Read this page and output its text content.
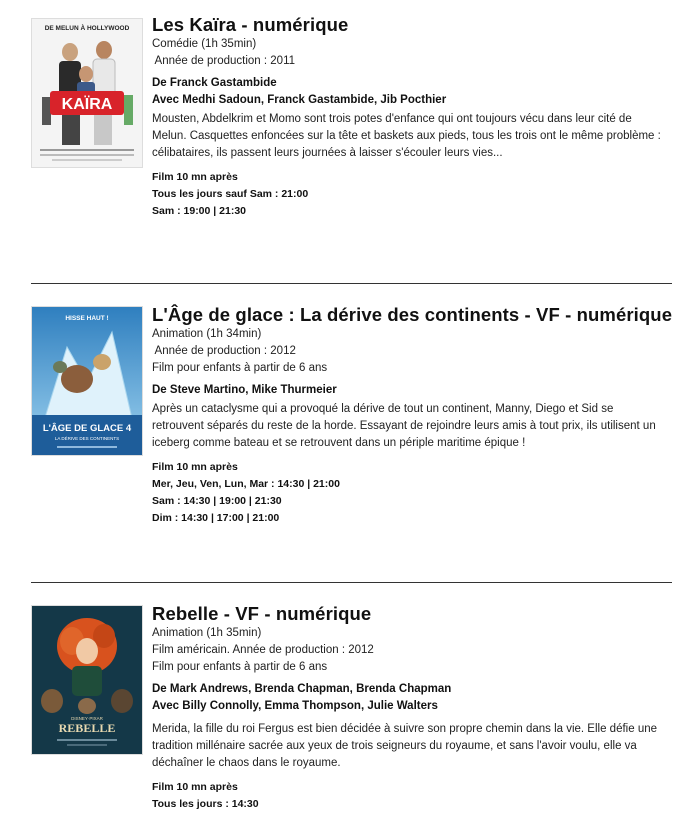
DE MELUN À HOLLYWOOD
KAÏRA
Les Kaïra - numérique
Comédie (1h 35min)
Année de production : 2011
De Franck Gastambide
Avec Medhi Sadoun, Franck Gastambide, Jib Pocthier
Mousten, Abdelkrim et Momo sont trois potes d'enfance qui ont toujours vécu dans leur cité de Melun. Casquettes enfoncées sur la tête et baskets aux pieds, tous les trois ont le même problème : célibataires, ils passent leurs journées à laisser s'écouler leurs vies...
Film 10 mn après
Tous les jours sauf Sam : 21:00
Sam : 19:00 | 21:30
HISSE HAUT !
L'ÂGE DE GLACE 4
LA DÉRIVE DES CONTINENTS
L'Âge de glace : La dérive des continents - VF - numérique
Animation (1h 34min)
Année de production : 2012
Film pour enfants à partir de 6 ans
De Steve Martino, Mike Thurmeier
Après un cataclysme qui a provoqué la dérive de tout un continent, Manny, Diego et Sid se retrouvent séparés du reste de la horde. Essayant de rejoindre leurs amis à tout prix, ils utilisent un iceberg comme bateau et se retrouvent dans un périple maritime épique !
Film 10 mn après
Mer, Jeu, Ven, Lun, Mar : 14:30 | 21:00
Sam : 14:30 | 19:00 | 21:30
Dim : 14:30 | 17:00 | 21:00
DISNEY·PIXAR
REBELLE
Rebelle - VF - numérique
Animation (1h 35min)
Film américain. Année de production : 2012
Film pour enfants à partir de 6 ans
De Mark Andrews, Brenda Chapman, Brenda Chapman
Avec Billy Connolly, Emma Thompson, Julie Walters
Merida, la fille du roi Fergus est bien décidée à suivre son propre chemin dans la vie. Elle défie une tradition millénaire sacrée aux yeux de trois seigneurs du royaume, et sans l'avoir voulu, elle va déchaîner le chaos dans le royaume.
Film 10 mn après
Tous les jours : 14:30
